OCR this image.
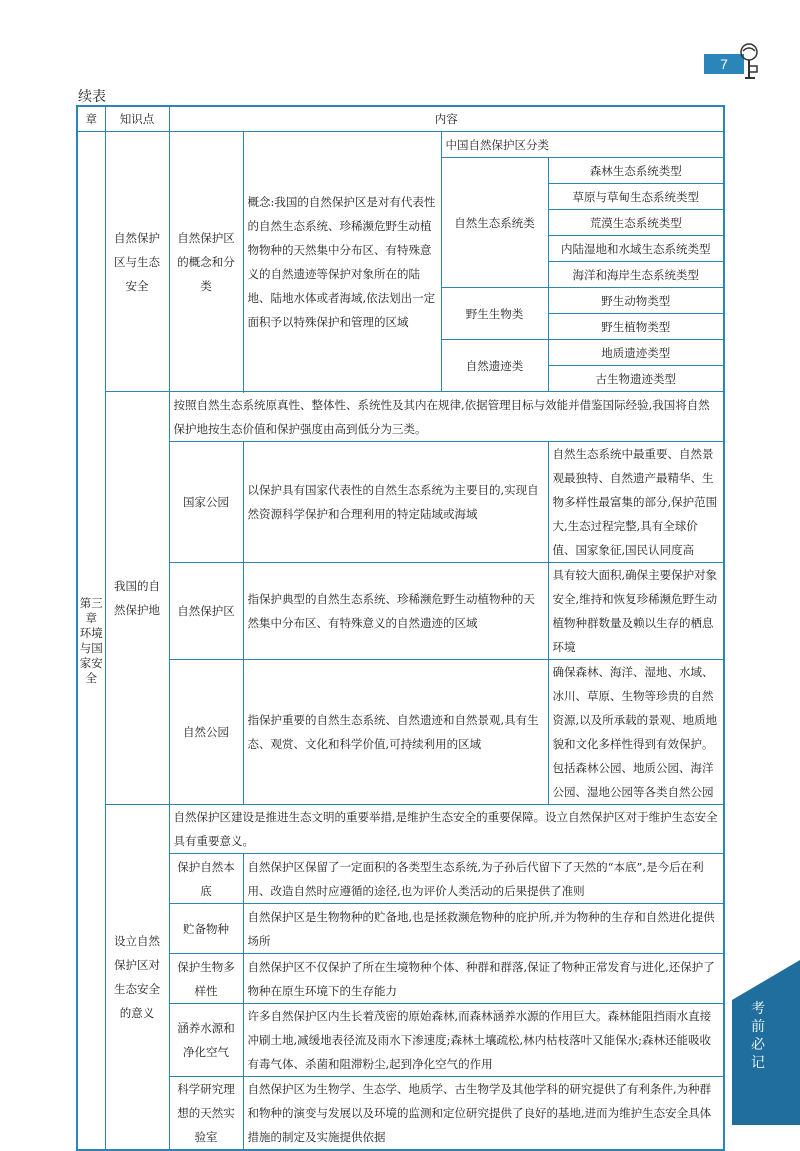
7
续表
章	知识点	内容			
第三章 环境与国家安全	自然保护区与生态安全	自然保护区的概念和分类	概念:我国的自然保护区是对有代表性的自然生态系统、珍稀濒危野生动植物物种的天然集中分布区、有特殊意义的自然遗迹等保护对象所在的陆地、陆地水体或者海域,依法划出一定面积予以特殊保护和管理的区域	中国自然保护区分类	
				自然生态系统类	森林生态系统类型
					草原与草甸生态系统类型
					荒漠生态系统类型
					内陆湿地和水域生态系统类型
					海洋和海岸生态系统类型
				野生生物类	野生动物类型
					野生植物类型
				自然遗迹类	地质遗迹类型
					古生物遗迹类型

	我国的自然保护地	按照自然生态系统原真性、整体性、系统性及其内在规律,依据管理目标与效能并借鉴国际经验,我国将自然保护地按生态价值和保护强度由高到低分为三类。			
		国家公园	以保护具有国家代表性的自然生态系统为主要目的,实现自然资源科学保护和合理利用的特定陆域或海域		自然生态系统中最重要、自然景观最独特、自然遗产最精华、生物多样性最富集的部分,保护范围大,生态过程完整,具有全球价值、国家象征,国民认同度高
		自然保护区	指保护典型的自然生态系统、珍稀濒危野生动植物种的天然集中分布区、有特殊意义的自然遗迹的区域		具有较大面积,确保主要保护对象安全,维持和恢复珍稀濒危野生动植物种群数量及赖以生存的栖息环境
		自然公园	指保护重要的自然生态系统、自然遗迹和自然景观,具有生态、观赏、文化和科学价值,可持续利用的区域		确保森林、海洋、湿地、水域、冰川、草原、生物等珍贵的自然资源,以及所承载的景观、地质地貌和文化多样性得到有效保护。包括森林公园、地质公园、海洋公园、湿地公园等各类自然公园
	设立自然保护区对生态安全的意义	自然保护区建设是推进生态文明的重要举措,是维护生态安全的重要保障。设立自然保护区对于维护生态安全具有重要意义。			
		保护自然本底	自然保护区保留了一定面积的各类型生态系统,为子孙后代留下了天然的“本底”,是今后在利用、改造自然时应遵循的途径,也为评价人类活动的后果提供了准则		
		贮备物种	自然保护区是生物物种的贮备地,也是拯救濒危物种的庇护所,并为物种的生存和自然进化提供场所		
		保护生物多样性	自然保护区不仅保护了所在生境物种个体、种群和群落,保证了物种正常发育与进化,还保护了物种在原生环境下的生存能力		
		涵养水源和净化空气	许多自然保护区内生长着茂密的原始森林,而森林涵养水源的作用巨大。森林能阻挡雨水直接冲刷土地,减缓地表径流及雨水下渗速度;森林土壤疏松,林内枯枝落叶又能保水;森林还能吸收有毒气体、杀菌和阻滞粉尘,起到净化空气的作用		
		科学研究理想的天然实验室	自然保护区为生物学、生态学、地质学、古生物学及其他学科的研究提供了有利条件,为种群和物种的演变与发展以及环境的监测和定位研究提供了良好的基地,进而为维护生态安全具体措施的制定及实施提供依据		
考前必记
